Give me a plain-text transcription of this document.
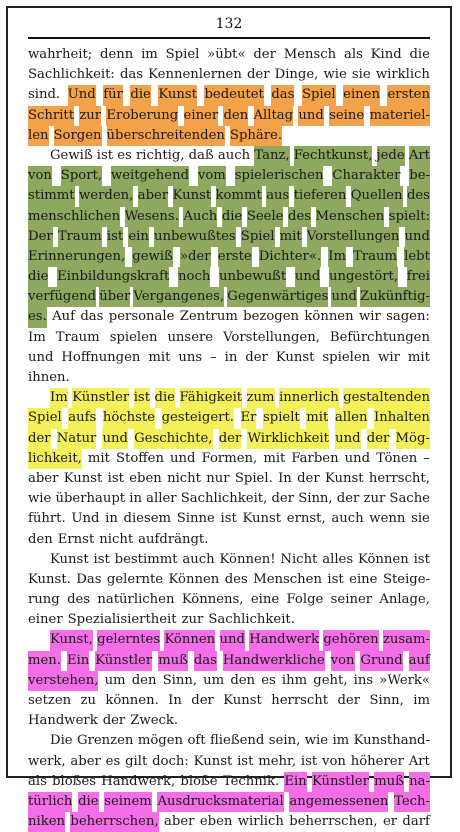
132
wahrheit; denn im Spiel »übt« der Mensch als Kind die
Sachlichkeit: das Kennenlernen der Dinge, wie sie wirklich
sind. Und für die Kunst bedeutet das Spiel einen ersten
Schritt zur Eroberung einer den Alltag und seine materiel-
len Sorgen überschreitenden Sphäre.
Gewiß ist es richtig, daß auch Tanz, Fechtkunst, jede Art
von Sport, weitgehend vom spielerischen Charakter be-
stimmt werden, aber Kunst kommt aus tieferen Quellen des
menschlichen Wesens. Auch die Seele des Menschen spielt:
Der Traum ist ein unbewußtes Spiel mit Vorstellungen und
Erinnerungen, gewiß »der erste Dichter«. Im Traum lebt
die Einbildungskraft noch unbewußt und ungestört, frei
verfügend über Vergangenes, Gegenwärtiges und Zukünftig-
es. Auf das personale Zentrum bezogen können wir sagen:
Im Traum spielen unsere Vorstellungen, Befürchtungen
und Hoffnungen mit uns – in der Kunst spielen wir mit
ihnen.
Im Künstler ist die Fähigkeit zum innerlich gestaltenden
Spiel aufs höchste gesteigert. Er spielt mit allen Inhalten
der Natur und Geschichte, der Wirklichkeit und der Mög-
lichkeit, mit Stoffen und Formen, mit Farben und Tönen –
aber Kunst ist eben nicht nur Spiel. In der Kunst herrscht,
wie überhaupt in aller Sachlichkeit, der Sinn, der zur Sache
führt. Und in diesem Sinne ist Kunst ernst, auch wenn sie
den Ernst nicht aufdrängt.
Kunst ist bestimmt auch Können! Nicht alles Können ist
Kunst. Das gelernte Können des Menschen ist eine Steige-
rung des natürlichen Könnens, eine Folge seiner Anlage,
einer Spezialisiertheit zur Sachlichkeit.
Kunst, gelerntes Können und Handwerk gehören zusam-
men. Ein Künstler muß das Handwerkliche von Grund auf
verstehen, um den Sinn, um den es ihm geht, ins »Werk«
setzen zu können. In der Kunst herrscht der Sinn, im
Handwerk der Zweck.
Die Grenzen mögen oft fließend sein, wie im Kunsthand-
werk, aber es gilt doch: Kunst ist mehr, ist von höherer Art
als bloßes Handwerk, bloße Technik. Ein Künstler muß na-
türlich die seinem Ausdrucksmaterial angemessenen Tech-
niken beherrschen, aber eben wirlich beherrschen, er darf
